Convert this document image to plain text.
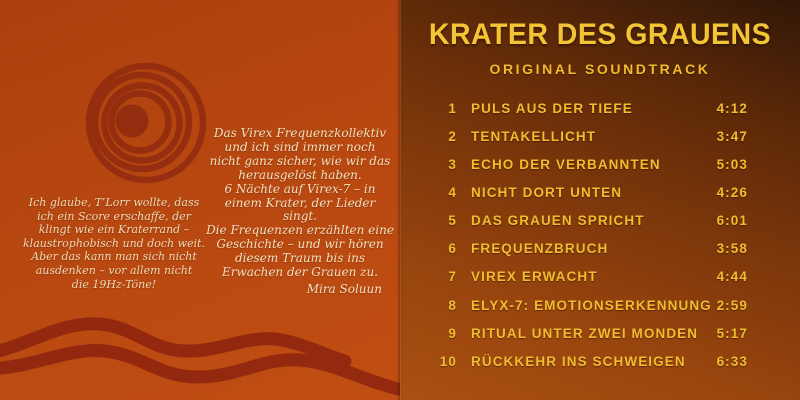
Ich glaube, T’Lorr wollte, dass
ich ein Score erschaffe, der
klingt wie ein Kraterrand –
klaustrophobisch und doch weit.
Aber das kann man sich nicht
ausdenken – vor allem nicht
die 19Hz-Töne!
Das Virex Frequenzkollektiv
und ich sind immer noch
nicht ganz sicher, wie wir das
herausgelöst haben.
6 Nächte auf Virex-7 – in
einem Krater, der Lieder singt.
Die Frequenzen erzählten eine
Geschichte – und wir hören
diesem Traum bis ins
Erwachen der Grauen zu.
Mira Soluun
KRATER DES GRAUENS
ORIGINAL SOUNDTRACK
1 PULS AUS DER TIEFE	4:12
2 TENTAKELLICHT	3:47
3 ECHO DER VERBANNTEN	5:03
4 NICHT DORT UNTEN	4:26
5 DAS GRAUEN SPRICHT	6:01
6 FREQUENZBRUCH	3:58
7 VIREX ERWACHT	4:44
8 ELYX-7: EMOTIONSERKENNUNG 2:59
9 RITUAL UNTER ZWEI MONDEN	5:17
10 RÜCKKEHR INS SCHWEIGEN	6:33
